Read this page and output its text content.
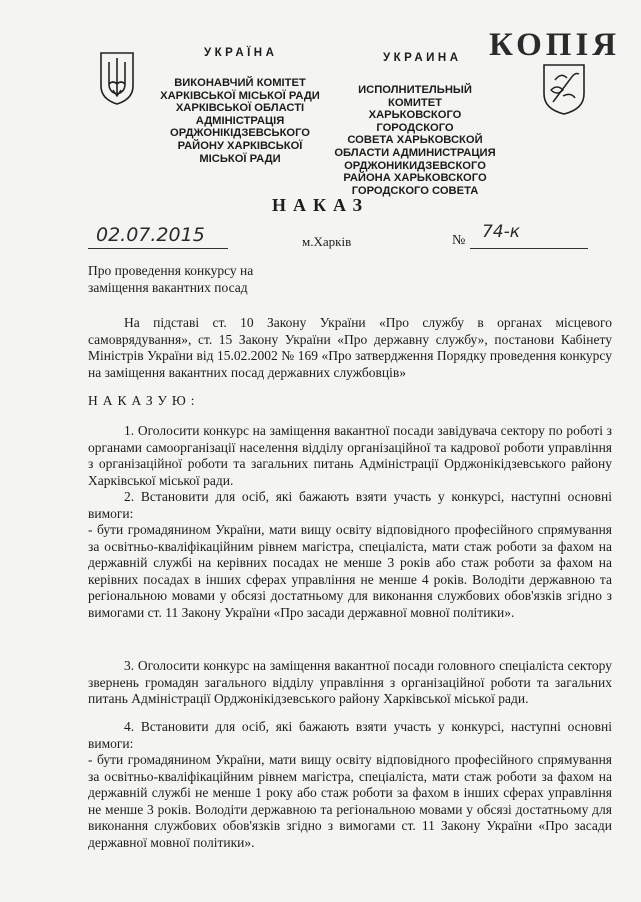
УКРАЇНА	УКРАИНА
ВИКОНАВЧИЙ КОМІТЕТ
ХАРКІВСЬКОЇ МІСЬКОЇ РАДИ
ХАРКІВСЬКОЇ ОБЛАСТІ
АДМІНІСТРАЦІЯ
ОРДЖОНІКІДЗЕВСЬКОГО
РАЙОНУ ХАРКІВСЬКОЇ
МІСЬКОЇ РАДИ
ИСПОЛНИТЕЛЬНЫЙ КОМИТЕТ
ХАРЬКОВСКОГО ГОРОДСКОГО
СОВЕТА ХАРЬКОВСКОЙ
ОБЛАСТИ АДМИНИСТРАЦИЯ
ОРДЖОНИКИДЗЕВСКОГО
РАЙОНА ХАРЬКОВСКОГО
ГОРОДСКОГО СОВЕТА
КОПІЯ
НАКАЗ
02.07.2015	м.Харків	№ 74-к
Про проведення конкурсу на
заміщення вакантних посад
На підставі ст. 10 Закону України «Про службу в органах місцевого самоврядування», ст. 15 Закону України «Про державну службу», постанови Кабінету Міністрів України від 15.02.2002 № 169 «Про затвердження Порядку проведення конкурсу на заміщення вакантних посад державних службовців»
НАКАЗУЮ:
1. Оголосити конкурс на заміщення вакантної посади завідувача сектору по роботі з органами самоорганізації населення відділу організаційної та кадрової роботи управління з організаційної роботи та загальних питань Адміністрації Орджонікідзевського району Харківської міської ради.
2. Встановити для осіб, які бажають взяти участь у конкурсі, наступні основні вимоги:
- бути громадянином України, мати вищу освіту відповідного професійного спрямування за освітньо-кваліфікаційним рівнем магістра, спеціаліста, мати стаж роботи за фахом на державній службі на керівних посадах не менше 3 років або стаж роботи за фахом на керівних посадах в інших сферах управління не менше 4 років. Володіти державною та регіональною мовами у обсязі достатньому для виконання службових обов'язків згідно з вимогами ст. 11 Закону України «Про засади державної мовної політики».
3. Оголосити конкурс на заміщення вакантної посади головного спеціаліста сектору звернень громадян загального відділу управління з організаційної роботи та загальних питань Адміністрації Орджонікідзевського району Харківської міської ради.
4. Встановити для осіб, які бажають взяти участь у конкурсі, наступні основні вимоги:
- бути громадянином України, мати вищу освіту відповідного професійного спрямування за освітньо-кваліфікаційним рівнем магістра, спеціаліста, мати стаж роботи за фахом на державній службі не менше 1 року або стаж роботи за фахом в інших сферах управління не менше 3 років. Володіти державною та регіональною мовами у обсязі достатньому для виконання службових обов'язків згідно з вимогами ст. 11 Закону України «Про засади державної мовної політики».
